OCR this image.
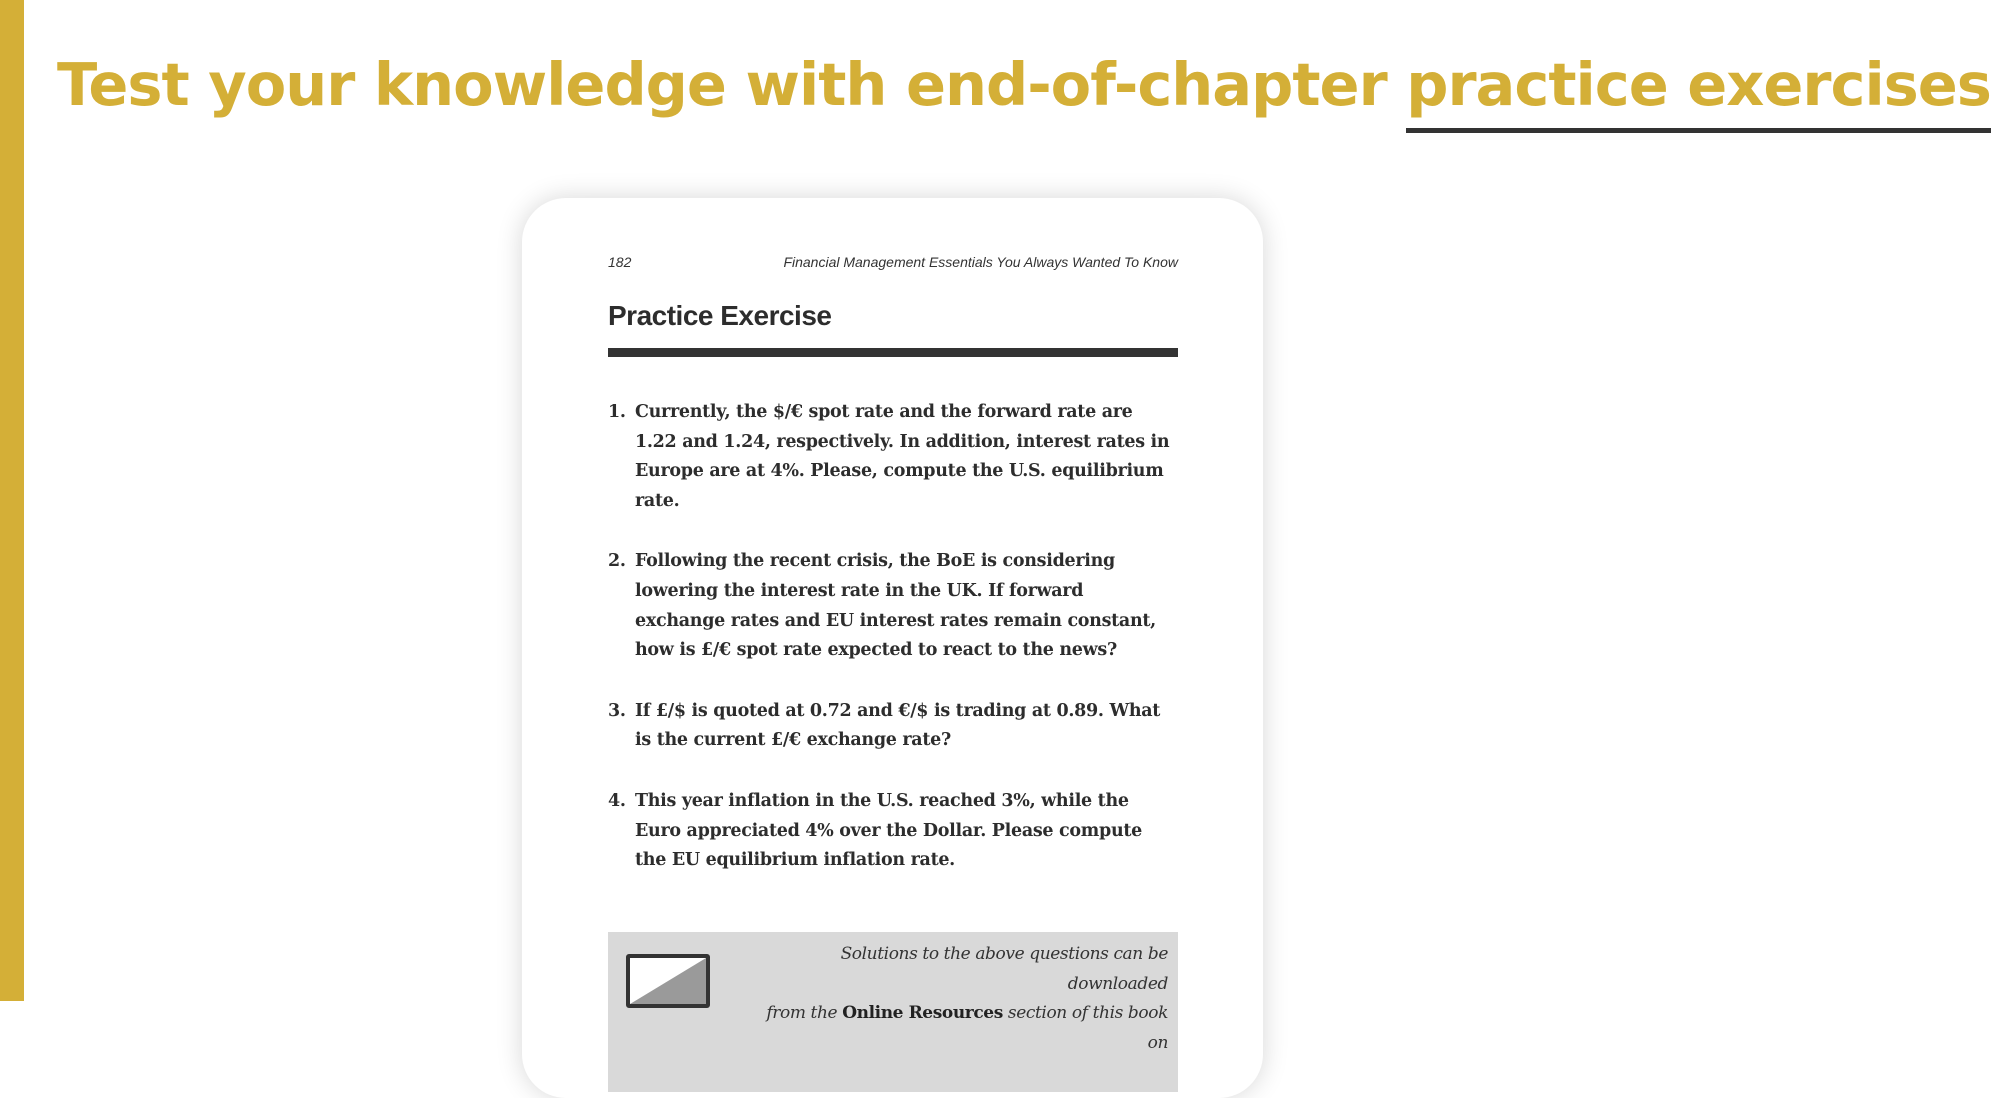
Test your knowledge with end-of-chapter practice exercises
182	Financial Management Essentials You Always Wanted To Know
Practice Exercise
1. Currently, the $/€ spot rate and the forward rate are 1.22 and 1.24, respectively. In addition, interest rates in Europe are at 4%. Please, compute the U.S. equilibrium rate.
2. Following the recent crisis, the BoE is considering lowering the interest rate in the UK. If forward exchange rates and EU interest rates remain constant, how is £/€ spot rate expected to react to the news?
3. If £/$ is quoted at 0.72 and €/$ is trading at 0.89. What is the current £/€ exchange rate?
4. This year inflation in the U.S. reached 3%, while the Euro appreciated 4% over the Dollar. Please compute the EU equilibrium inflation rate.
Solutions to the above questions can be downloaded
from the Online Resources section of this book on
